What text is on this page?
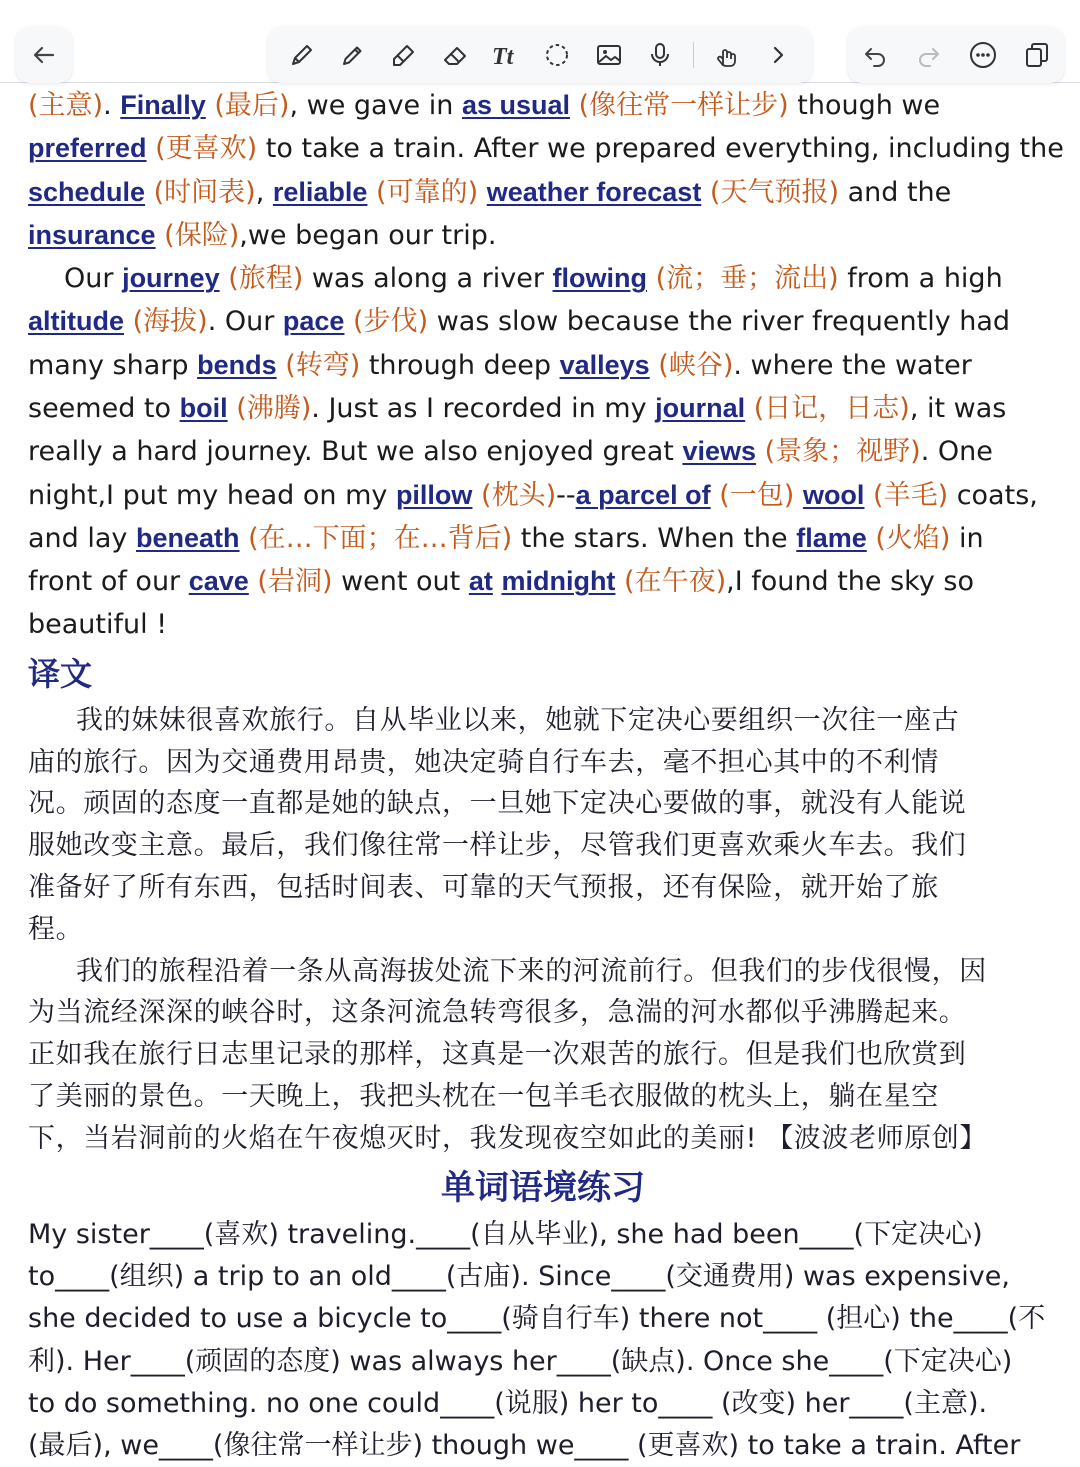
Tt

(主意). Finally (最后), we gave in as usual (像往常一样让步) though we

preferred (更喜欢) to take a train. After we prepared everything, including the

schedule (时间表), reliable (可靠的) weather forecast (天气预报) and the

insurance (保险),we began our trip.

Our journey (旅程) was along a river flowing (流；垂；流出) from a high

altitude (海拔). Our pace (步伐) was slow because the river frequently had

many sharp bends (转弯) through deep valleys (峡谷). where the water

seemed to boil (沸腾). Just as I recorded in my journal (日记，日志), it was

really a hard journey. But we also enjoyed great views (景象；视野). One

night,I put my head on my pillow (枕头)--a parcel of (一包) wool (羊毛) coats,

and lay beneath (在…下面；在…背后) the stars. When the flame (火焰) in

front of our cave (岩洞) went out at midnight (在午夜),I found the sky so

beautiful !

译文

我的妹妹很喜欢旅行。自从毕业以来，她就下定决心要组织一次往一座古

庙的旅行。因为交通费用昂贵，她决定骑自行车去，毫不担心其中的不利情

况。顽固的态度一直都是她的缺点，一旦她下定决心要做的事，就没有人能说

服她改变主意。最后，我们像往常一样让步，尽管我们更喜欢乘火车去。我们

准备好了所有东西，包括时间表、可靠的天气预报，还有保险，就开始了旅

程。

我们的旅程沿着一条从高海拔处流下来的河流前行。但我们的步伐很慢，因

为当流经深深的峡谷时，这条河流急转弯很多，急湍的河水都似乎沸腾起来。

正如我在旅行日志里记录的那样，这真是一次艰苦的旅行。但是我们也欣赏到

了美丽的景色。一天晚上，我把头枕在一包羊毛衣服做的枕头上，躺在星空

下，当岩洞前的火焰在午夜熄灭时，我发现夜空如此的美丽! 【波波老师原创】

单词语境练习

My sister____(喜欢) traveling.____(自从毕业), she had been____(下定决心)

to____(组织) a trip to an old____(古庙). Since____(交通费用) was expensive,

she decided to use a bicycle to____(骑自行车) there not____ (担心) the____(不

利). Her____(顽固的态度) was always her____(缺点). Once she____(下定决心)

to do something. no one could____(说服) her to____ (改变) her____(主意).

(最后), we____(像往常一样让步) though we____ (更喜欢) to take a train. After
